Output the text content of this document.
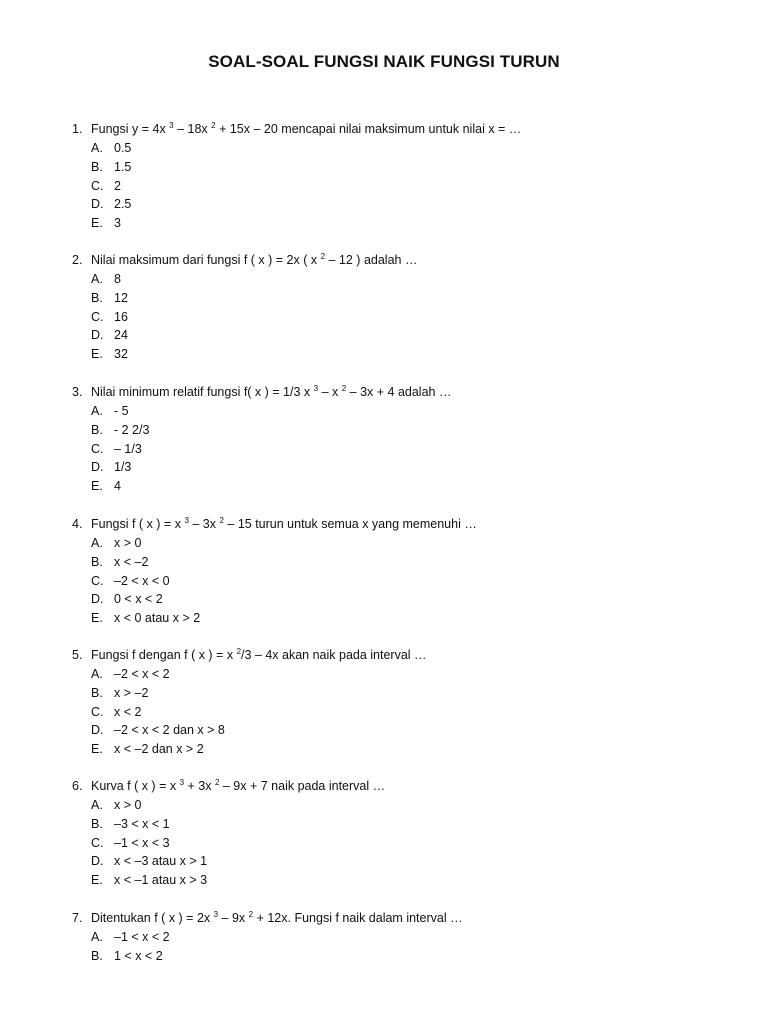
SOAL-SOAL FUNGSI NAIK FUNGSI TURUN
1. Fungsi y = 4x $^3$ – 18x $^2$ + 15x – 20 mencapai nilai maksimum untuk nilai x = …
A. 0.5
B. 1.5
C. 2
D. 2.5
E. 3
2. Nilai maksimum dari fungsi f ( x ) = 2x ( x $^2$ – 12 ) adalah …
A. 8
B. 12
C. 16
D. 24
E. 32
3. Nilai minimum relatif fungsi f( x ) = 1/3 x $^3$ – x $^2$ – 3x + 4 adalah …
A. - 5
B. - 2 2/3
C. – 1/3
D. 1/3
E. 4
4. Fungsi f ( x ) = x $^3$ – 3x $^2$ – 15 turun untuk semua x yang memenuhi …
A. x > 0
B. x < –2
C. –2 < x < 0
D. 0 < x < 2
E. x < 0 atau x > 2
5. Fungsi f dengan f ( x ) = x $^2$/3 – 4x akan naik pada interval …
A. –2 < x < 2
B. x > –2
C. x < 2
D. –2 < x < 2 dan x > 8
E. x < –2 dan x > 2
6. Kurva f ( x ) = x $^3$ + 3x $^2$ – 9x + 7 naik pada interval …
A. x > 0
B. –3 < x < 1
C. –1 < x < 3
D. x < –3 atau x > 1
E. x < –1 atau x > 3
7. Ditentukan f ( x ) = 2x $^3$ – 9x $^2$ + 12x. Fungsi f naik dalam interval …
A. –1 < x < 2
B. 1 < x < 2
